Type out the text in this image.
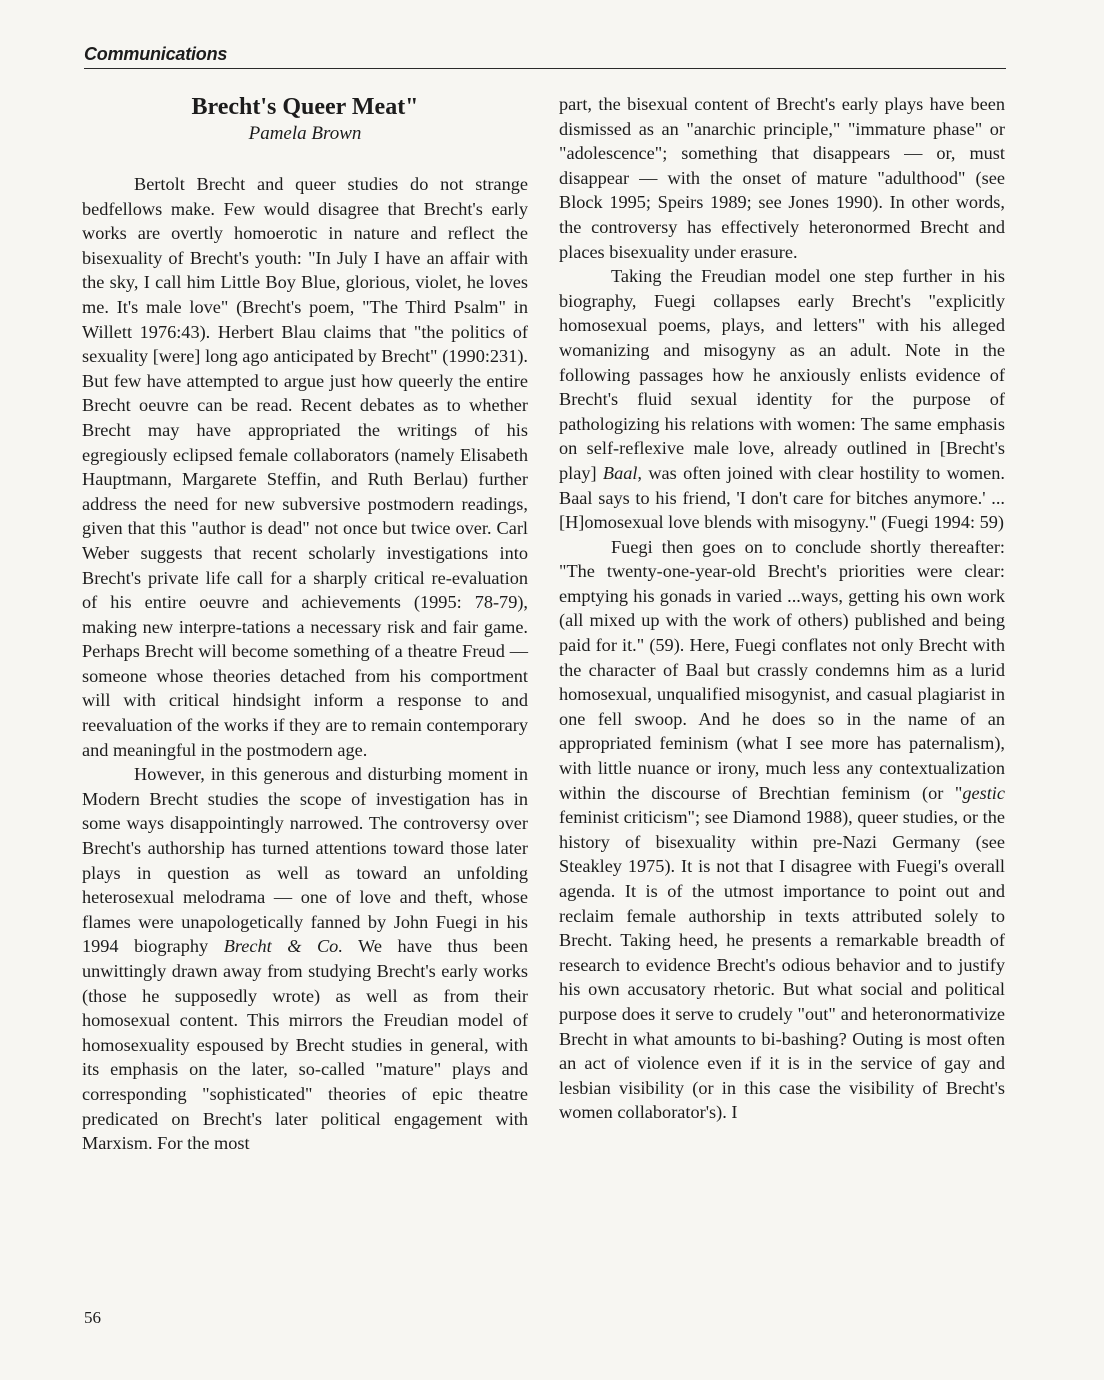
Communications
Brecht's Queer Meat"
Pamela Brown

Bertolt Brecht and queer studies do not strange bedfellows make. Few would disagree that Brecht's early works are overtly homoerotic in nature and reflect the bisexuality of Brecht's youth: "In July I have an affair with the sky, I call him Little Boy Blue, glorious, violet, he loves me. It's male love" (Brecht's poem, "The Third Psalm" in Willett 1976:43). Herbert Blau claims that "the politics of sexuality [were] long ago anticipated by Brecht" (1990:231). But few have attempted to argue just how queerly the entire Brecht oeuvre can be read. Recent debates as to whether Brecht may have appropriated the writings of his egregiously eclipsed female collaborators (namely Elisabeth Hauptmann, Margarete Steffin, and Ruth Berlau) further address the need for new subversive postmodern readings, given that this "author is dead" not once but twice over. Carl Weber suggests that recent scholarly investigations into Brecht's private life call for a sharply critical re-evaluation of his entire oeuvre and achievements (1995: 78-79), making new interpre-tations a necessary risk and fair game. Perhaps Brecht will become something of a theatre Freud — someone whose theories detached from his comportment will with critical hindsight inform a response to and reevaluation of the works if they are to remain contemporary and meaningful in the postmodern age.

However, in this generous and disturbing moment in Modern Brecht studies the scope of investigation has in some ways disappointingly narrowed. The controversy over Brecht's authorship has turned attentions toward those later plays in question as well as toward an unfolding heterosexual melodrama — one of love and theft, whose flames were unapologetically fanned by John Fuegi in his 1994 biography Brecht & Co. We have thus been unwittingly drawn away from studying Brecht's early works (those he supposedly wrote) as well as from their homosexual content. This mirrors the Freudian model of homosexuality espoused by Brecht studies in general, with its emphasis on the later, so-called "mature" plays and corresponding "sophisticated" theories of epic theatre predicated on Brecht's later political engagement with Marxism. For the most

part, the bisexual content of Brecht's early plays have been dismissed as an "anarchic principle," "immature phase" or "adolescence"; something that disappears — or, must disappear — with the onset of mature "adulthood" (see Block 1995; Speirs 1989; see Jones 1990). In other words, the controversy has effectively heteronormed Brecht and places bisexuality under erasure.

Taking the Freudian model one step further in his biography, Fuegi collapses early Brecht's "explicitly homosexual poems, plays, and letters" with his alleged womanizing and misogyny as an adult. Note in the following passages how he anxiously enlists evidence of Brecht's fluid sexual identity for the purpose of pathologizing his relations with women: The same emphasis on self-reflexive male love, already outlined in [Brecht's play] Baal, was often joined with clear hostility to women. Baal says to his friend, 'I don't care for bitches anymore.' ... [H]omosexual love blends with misogyny." (Fuegi 1994: 59)

Fuegi then goes on to conclude shortly thereafter: "The twenty-one-year-old Brecht's priorities were clear: emptying his gonads in varied ...ways, getting his own work (all mixed up with the work of others) published and being paid for it." (59). Here, Fuegi conflates not only Brecht with the character of Baal but crassly condemns him as a lurid homosexual, unqualified misogynist, and casual plagiarist in one fell swoop. And he does so in the name of an appropriated feminism (what I see more has paternalism), with little nuance or irony, much less any contextualization within the discourse of Brechtian feminism (or "gestic feminist criticism"; see Diamond 1988), queer studies, or the history of bisexuality within pre-Nazi Germany (see Steakley 1975). It is not that I disagree with Fuegi's overall agenda. It is of the utmost importance to point out and reclaim female authorship in texts attributed solely to Brecht. Taking heed, he presents a remarkable breadth of research to evidence Brecht's odious behavior and to justify his own accusatory rhetoric. But what social and political purpose does it serve to crudely "out" and heteronormativize Brecht in what amounts to bi-bashing? Outing is most often an act of violence even if it is in the service of gay and lesbian visibility (or in this case the visibility of Brecht's women collaborator's). I

56
